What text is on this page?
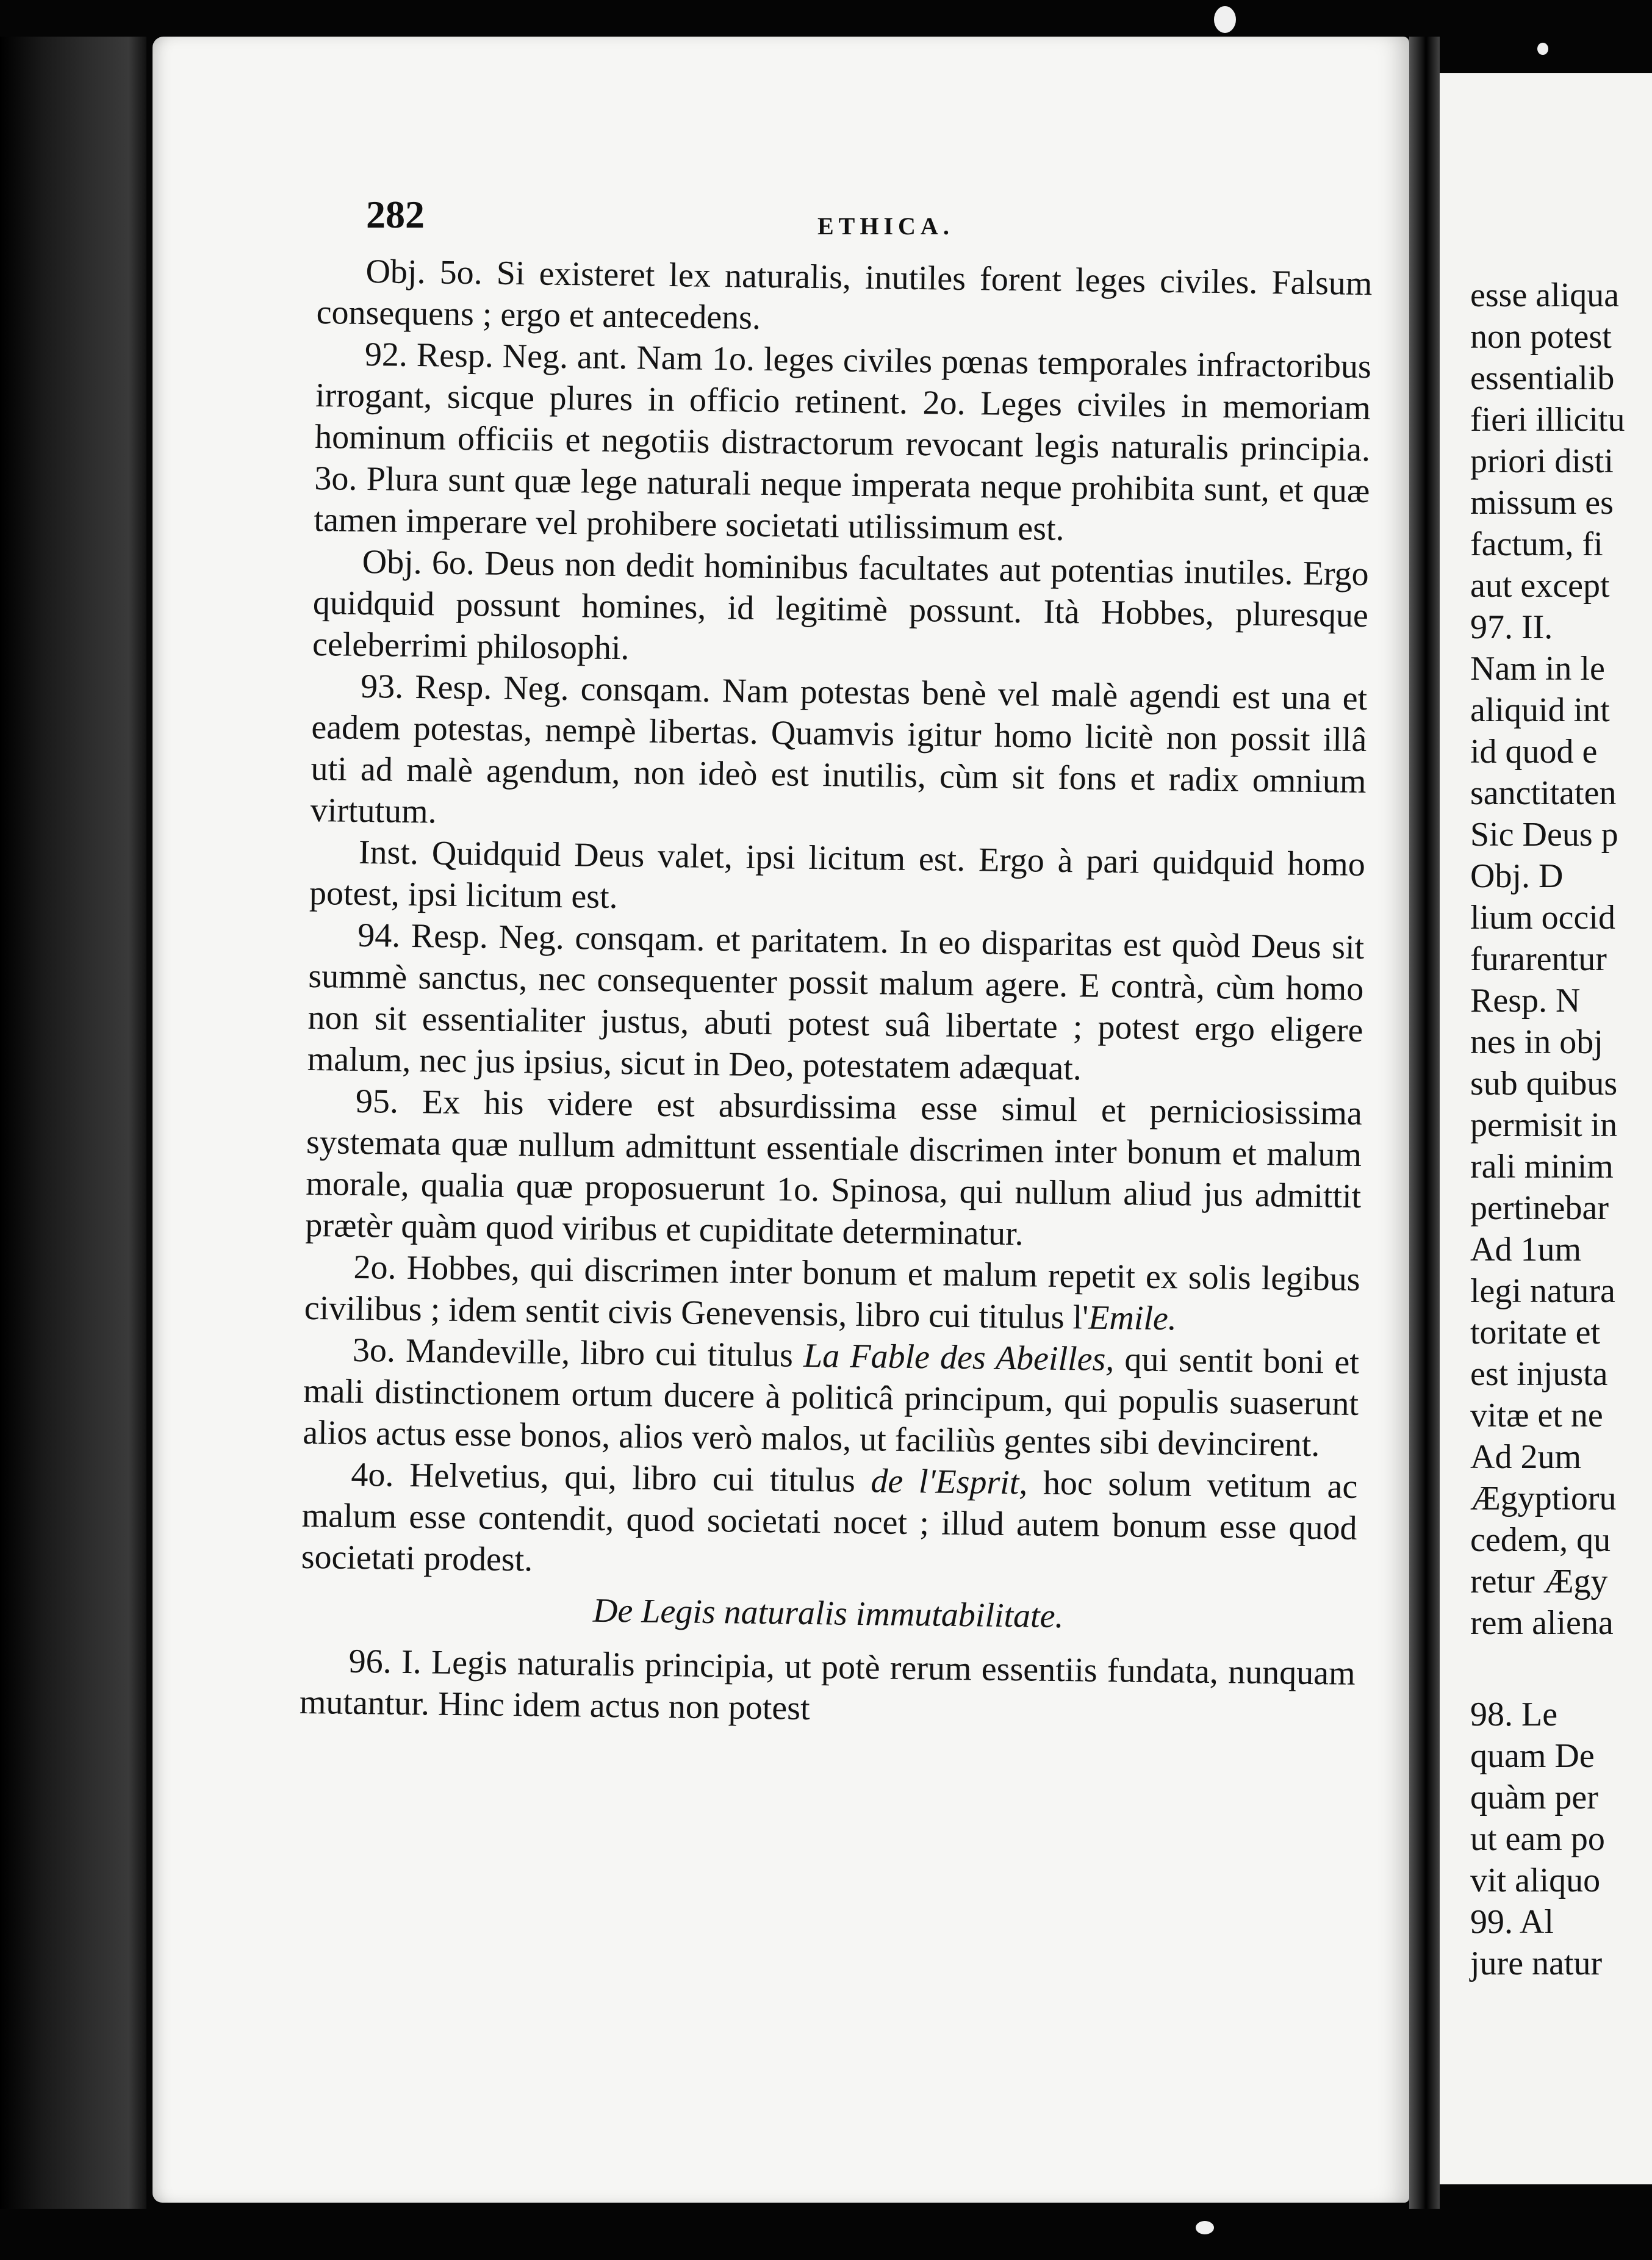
esse aliqua
non potest
essentialib
fieri illicitu
priori disti
missum es
factum, fi
aut except
97. II.
Nam in le
aliquid int
id quod e
sanctitaten
Sic Deus p
Obj. D
lium occid
furarentur
Resp. N
nes in obj
sub quibus
permisit in
rali minim
pertinebar
Ad 1um
legi natura
toritate et
est injusta
vitæ et ne
Ad 2um
Ægyptioru
cedem, qu
retur Ægy
rem aliena
98. Le
quam De
quàm per
ut eam po
vit aliquo
99. Al
jure natur
282	ETHICA.

Obj. 5o. Si existeret lex naturalis, inutiles forent leges civiles. Falsum consequens ; ergo et antecedens.

92. Resp. Neg. ant. Nam 1o. leges civiles pœnas temporales infractoribus irrogant, sicque plures in officio retinent. 2o. Leges civiles in memoriam hominum officiis et negotiis distractorum revocant legis naturalis principia. 3o. Plura sunt quæ lege naturali neque imperata neque prohibita sunt, et quæ tamen imperare vel prohibere societati utilissimum est.

Obj. 6o. Deus non dedit hominibus facultates aut potentias inutiles. Ergo quidquid possunt homines, id legitimè possunt. Ità Hobbes, pluresque celeberrimi philosophi.

93. Resp. Neg. consqam. Nam potestas benè vel malè agendi est una et eadem potestas, nempè libertas. Quamvis igitur homo licitè non possit illâ uti ad malè agendum, non ideò est inutilis, cùm sit fons et radix omnium virtutum.

Inst. Quidquid Deus valet, ipsi licitum est. Ergo à pari quidquid homo potest, ipsi licitum est.

94. Resp. Neg. consqam. et paritatem. In eo disparitas est quòd Deus sit summè sanctus, nec consequenter possit malum agere. E contrà, cùm homo non sit essentialiter justus, abuti potest suâ libertate ; potest ergo eligere malum, nec jus ipsius, sicut in Deo, potestatem adæquat.

95. Ex his videre est absurdissima esse simul et perniciosissima systemata quæ nullum admittunt essentiale discrimen inter bonum et malum morale, qualia quæ proposuerunt 1o. Spinosa, qui nullum aliud jus admittit prætèr quàm quod viribus et cupiditate determinatur.

2o. Hobbes, qui discrimen inter bonum et malum repetit ex solis legibus civilibus ; idem sentit civis Genevensis, libro cui titulus l'Emile.

3o. Mandeville, libro cui titulus La Fable des Abeilles, qui sentit boni et mali distinctionem ortum ducere à politicâ principum, qui populis suaserunt alios actus esse bonos, alios verò malos, ut faciliùs gentes sibi devincirent.

4o. Helvetius, qui, libro cui titulus de l'Esprit, hoc solum vetitum ac malum esse contendit, quod societati nocet ; illud autem bonum esse quod societati prodest.

De Legis naturalis immutabilitate.

96. I. Legis naturalis principia, ut potè rerum essentiis fundata, nunquam mutantur. Hinc idem actus non potest
